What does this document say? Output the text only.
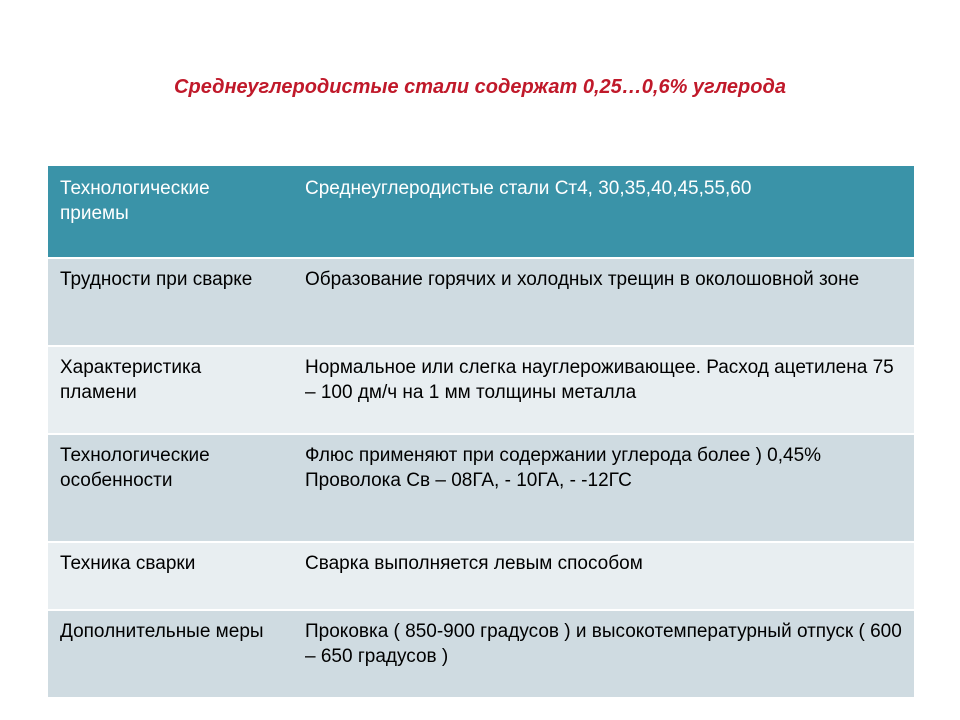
Среднеуглеродистые стали содержат 0,25…0,6% углерода
Технологические приемы	Среднеуглеродистые стали Ст4, 30,35,40,45,55,60
Трудности при сварке	Образование горячих и холодных трещин в околошовной зоне

Характеристика пламени	Нормальное или слегка науглероживающее. Расход ацетилена 75 – 100 дм/ч на 1 мм толщины металла

Технологические особенности	Флюс применяют при содержании углерода более ) 0,45%
Проволока Св – 08ГА, - 10ГА, - -12ГС

Техника сварки	Сварка выполняется левым способом

Дополнительные меры	Проковка ( 850-900 градусов ) и высокотемпературный отпуск ( 600 – 650 градусов )
